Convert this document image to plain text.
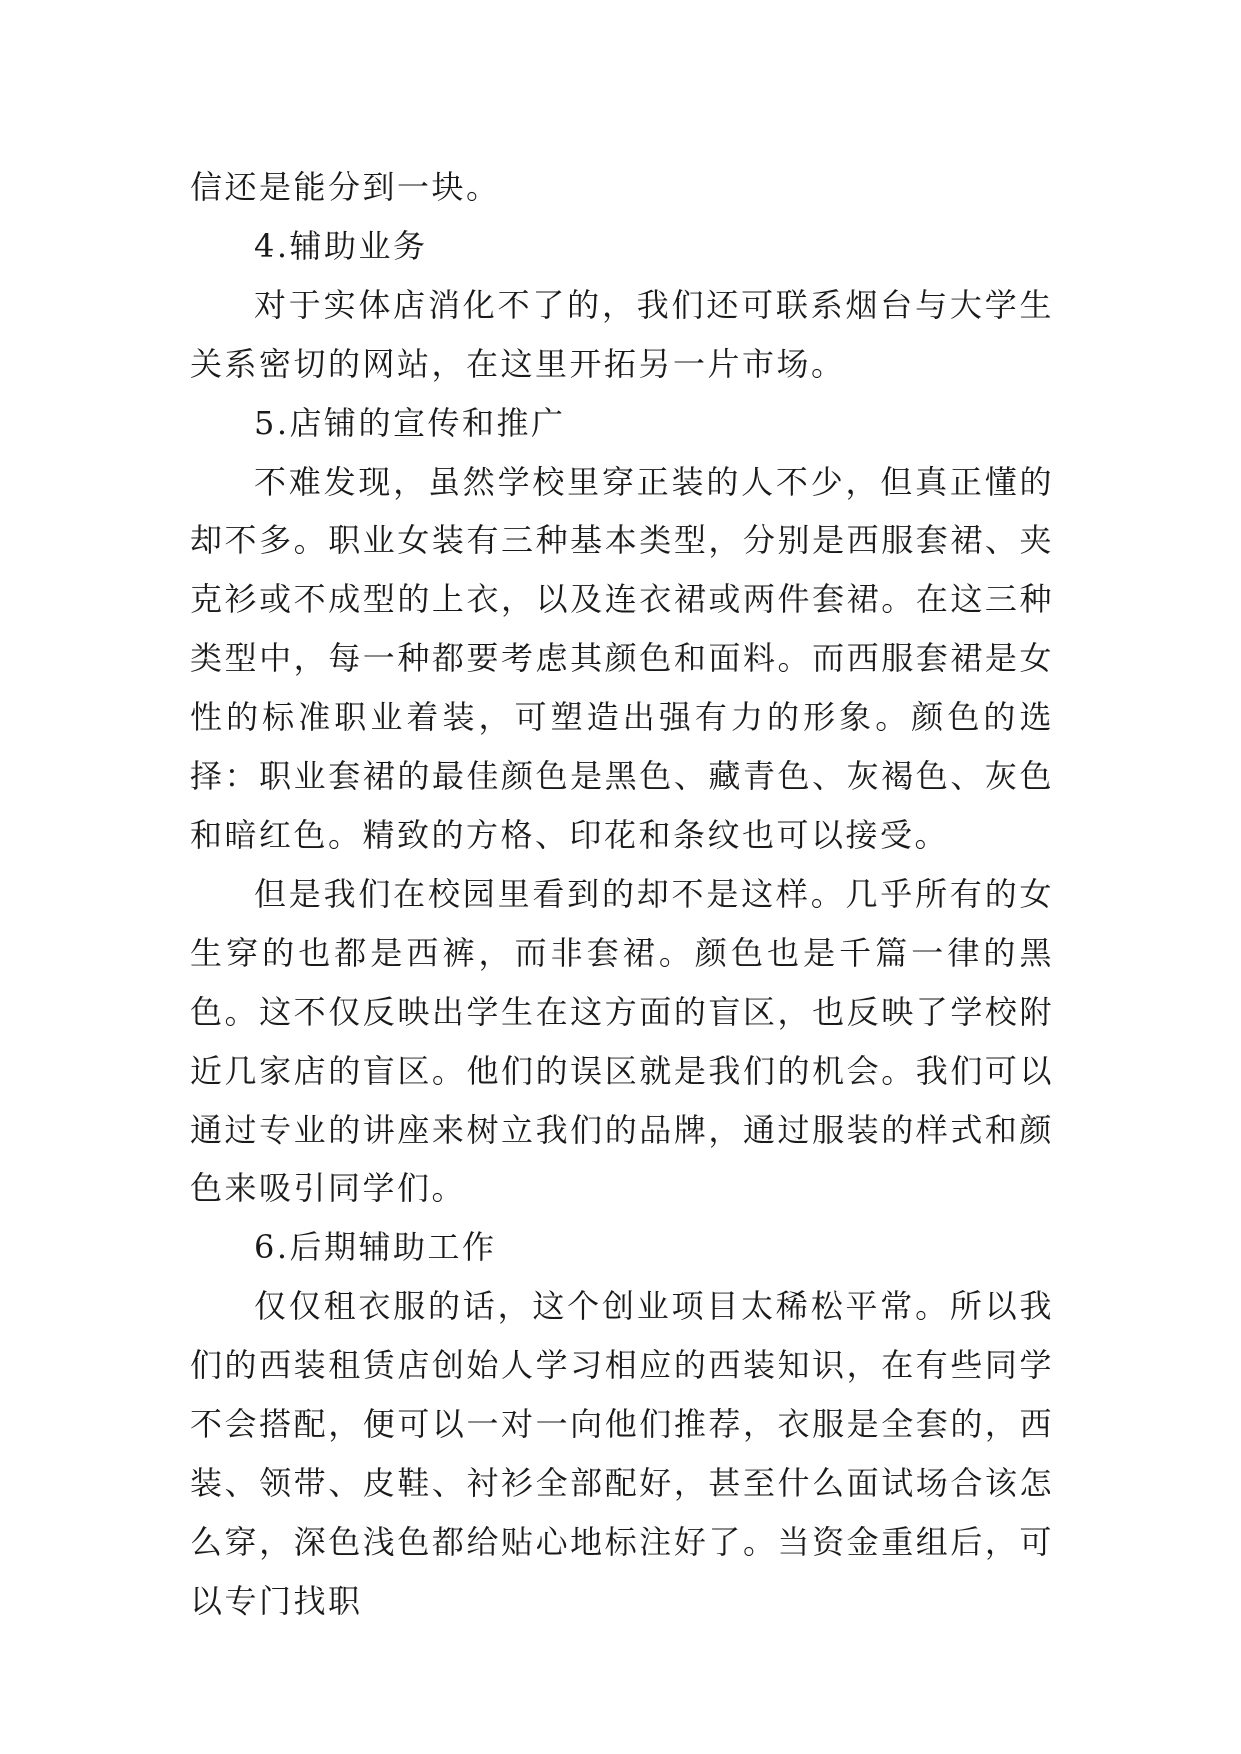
信还是能分到一块。

4.辅助业务

对于实体店消化不了的，我们还可联系烟台与大学生关系密切的网站，在这里开拓另一片市场。

5.店铺的宣传和推广

不难发现，虽然学校里穿正装的人不少，但真正懂的却不多。职业女装有三种基本类型，分别是西服套裙、夹克衫或不成型的上衣，以及连衣裙或两件套裙。在这三种类型中，每一种都要考虑其颜色和面料。而西服套裙是女性的标准职业着装，可塑造出强有力的形象。颜色的选择：职业套裙的最佳颜色是黑色、藏青色、灰褐色、灰色和暗红色。精致的方格、印花和条纹也可以接受。

但是我们在校园里看到的却不是这样。几乎所有的女生穿的也都是西裤，而非套裙。颜色也是千篇一律的黑色。这不仅反映出学生在这方面的盲区，也反映了学校附近几家店的盲区。他们的误区就是我们的机会。我们可以通过专业的讲座来树立我们的品牌，通过服装的样式和颜色来吸引同学们。

6.后期辅助工作

仅仅租衣服的话，这个创业项目太稀松平常。所以我们的西装租赁店创始人学习相应的西装知识，在有些同学不会搭配，便可以一对一向他们推荐，衣服是全套的，西装、领带、皮鞋、衬衫全部配好，甚至什么面试场合该怎么穿，深色浅色都给贴心地标注好了。当资金重组后，可以专门找职
